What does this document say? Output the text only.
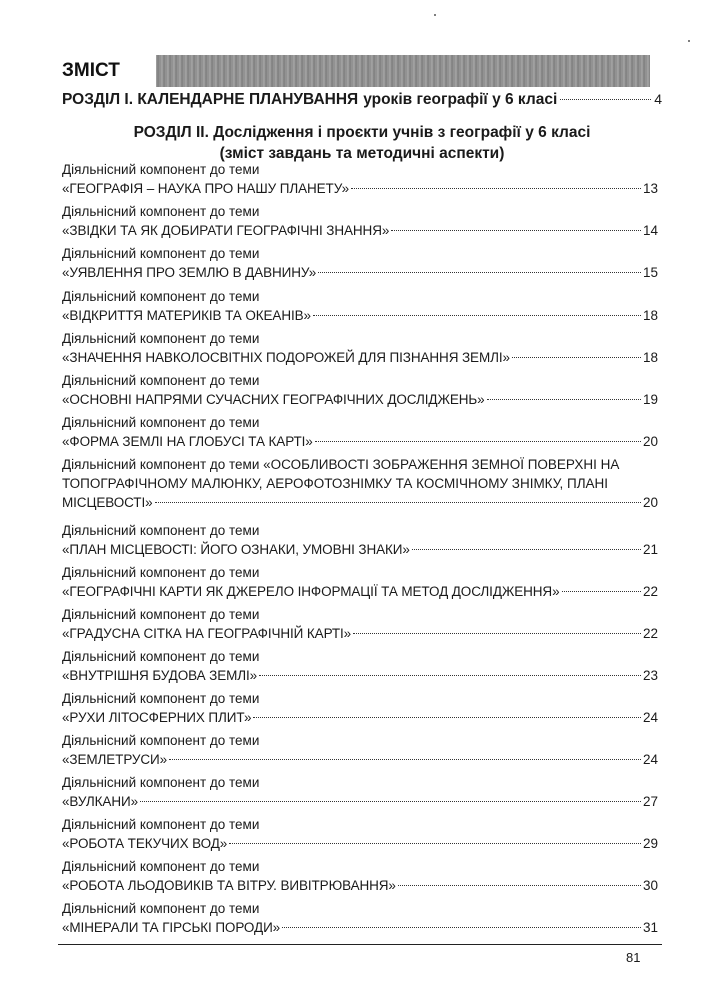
ЗМІСТ
РОЗДІЛ І. КАЛЕНДАРНЕ ПЛАНУВАННЯ уроків географії у 6 класі	4
РОЗДІЛ ІІ. Дослідження і проєкти учнів з географії у 6 класі
(зміст завдань та методичні аспекти)
Діяльнісний компонент до теми
«ГЕОГРАФІЯ – НАУКА ПРО НАШУ ПЛАНЕТУ»	13
Діяльнісний компонент до теми
«ЗВІДКИ ТА ЯК ДОБИРАТИ ГЕОГРАФІЧНІ ЗНАННЯ»	14
Діяльнісний компонент до теми
«УЯВЛЕННЯ ПРО ЗЕМЛЮ В ДАВНИНУ»	15
Діяльнісний компонент до теми
«ВІДКРИТТЯ МАТЕРИКІВ ТА ОКЕАНІВ»	18
Діяльнісний компонент до теми
«ЗНАЧЕННЯ НАВКОЛОСВІТНІХ ПОДОРОЖЕЙ ДЛЯ ПІЗНАННЯ ЗЕМЛІ»	18
Діяльнісний компонент до теми
«ОСНОВНІ НАПРЯМИ СУЧАСНИХ ГЕОГРАФІЧНИХ ДОСЛІДЖЕНЬ»	19
Діяльнісний компонент до теми
«ФОРМА ЗЕМЛІ НА ГЛОБУСІ ТА КАРТІ»	20
Діяльнісний компонент до теми «ОСОБЛИВОСТІ ЗОБРАЖЕННЯ ЗЕМНОЇ ПОВЕРХНІ НА
ТОПОГРАФІЧНОМУ МАЛЮНКУ, АЕРОФОТОЗНІМКУ ТА КОСМІЧНОМУ ЗНІМКУ, ПЛАНІ
МІСЦЕВОСТІ»	20
Діяльнісний компонент до теми
«ПЛАН МІСЦЕВОСТІ: ЙОГО ОЗНАКИ, УМОВНІ ЗНАКИ»	21
Діяльнісний компонент до теми
«ГЕОГРАФІЧНІ КАРТИ ЯК ДЖЕРЕЛО ІНФОРМАЦІЇ ТА МЕТОД ДОСЛІДЖЕННЯ»	22
Діяльнісний компонент до теми
«ГРАДУСНА СІТКА НА ГЕОГРАФІЧНІЙ КАРТІ»	22
Діяльнісний компонент до теми
«ВНУТРІШНЯ БУДОВА ЗЕМЛІ»	23
Діяльнісний компонент до теми
«РУХИ ЛІТОСФЕРНИХ ПЛИТ»	24
Діяльнісний компонент до теми
«ЗЕМЛЕТРУСИ»	24
Діяльнісний компонент до теми
«ВУЛКАНИ»	27
Діяльнісний компонент до теми
«РОБОТА ТЕКУЧИХ ВОД»	29
Діяльнісний компонент до теми
«РОБОТА ЛЬОДОВИКІВ ТА ВІТРУ. ВИВІТРЮВАННЯ»	30
Діяльнісний компонент до теми
«МІНЕРАЛИ ТА ГІРСЬКІ ПОРОДИ»	31
81
